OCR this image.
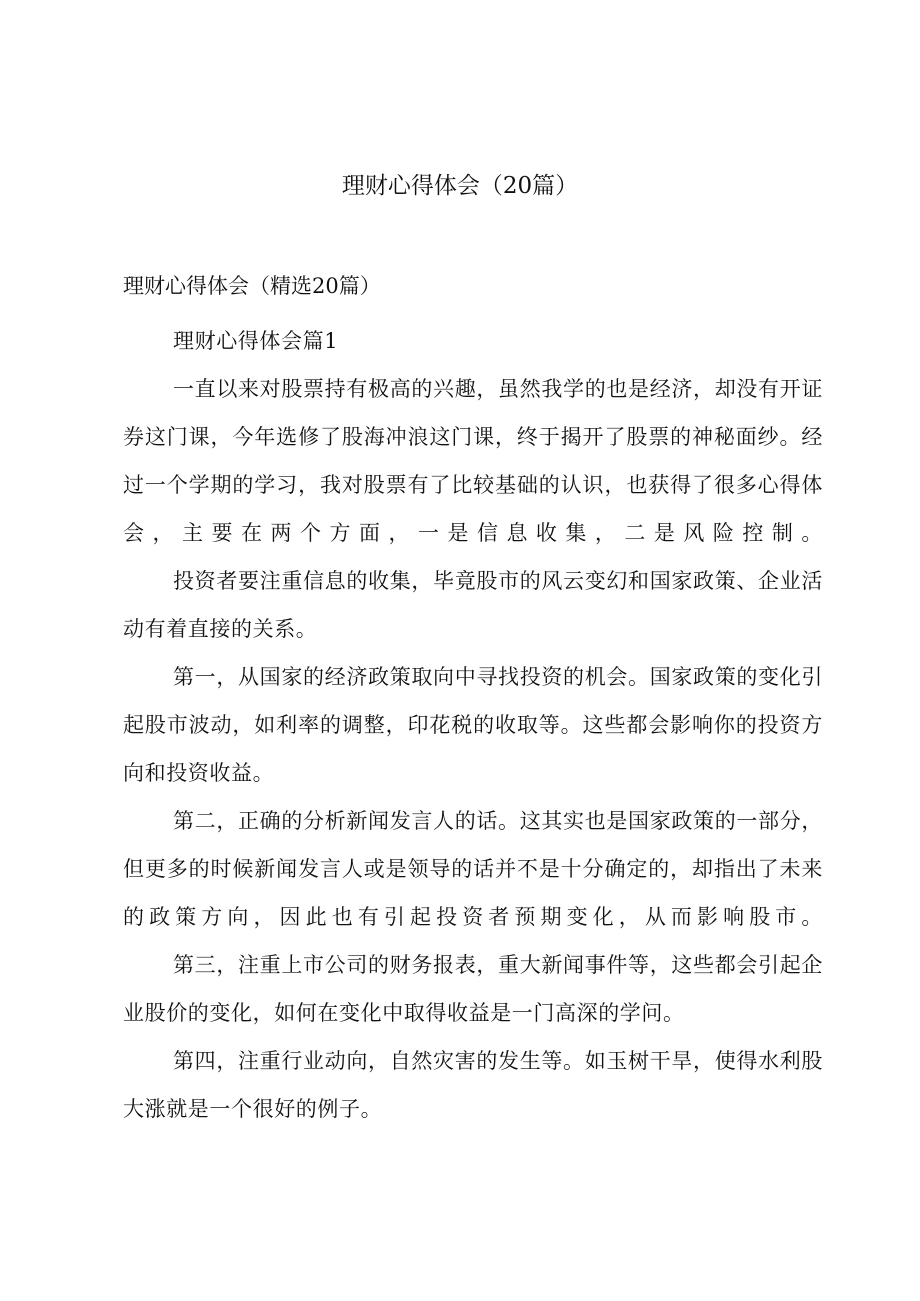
理财心得体会（20篇）

理财心得体会（精选20篇）

理财心得体会篇1

一直以来对股票持有极高的兴趣，虽然我学的也是经济，却没有开证券这门课，今年选修了股海冲浪这门课，终于揭开了股票的神秘面纱。经过一个学期的学习，我对股票有了比较基础的认识，也获得了很多心得体会，主要在两个方面，一是信息收集，二是风险控制。

投资者要注重信息的收集，毕竟股市的风云变幻和国家政策、企业活动有着直接的关系。

第一，从国家的经济政策取向中寻找投资的机会。国家政策的变化引起股市波动，如利率的调整，印花税的收取等。这些都会影响你的投资方向和投资收益。

第二，正确的分析新闻发言人的话。这其实也是国家政策的一部分，但更多的时候新闻发言人或是领导的话并不是十分确定的，却指出了未来的政策方向，因此也有引起投资者预期变化，从而影响股市。

第三，注重上市公司的财务报表，重大新闻事件等，这些都会引起企业股价的变化，如何在变化中取得收益是一门高深的学问。

第四，注重行业动向，自然灾害的发生等。如玉树干旱，使得水利股大涨就是一个很好的例子。
